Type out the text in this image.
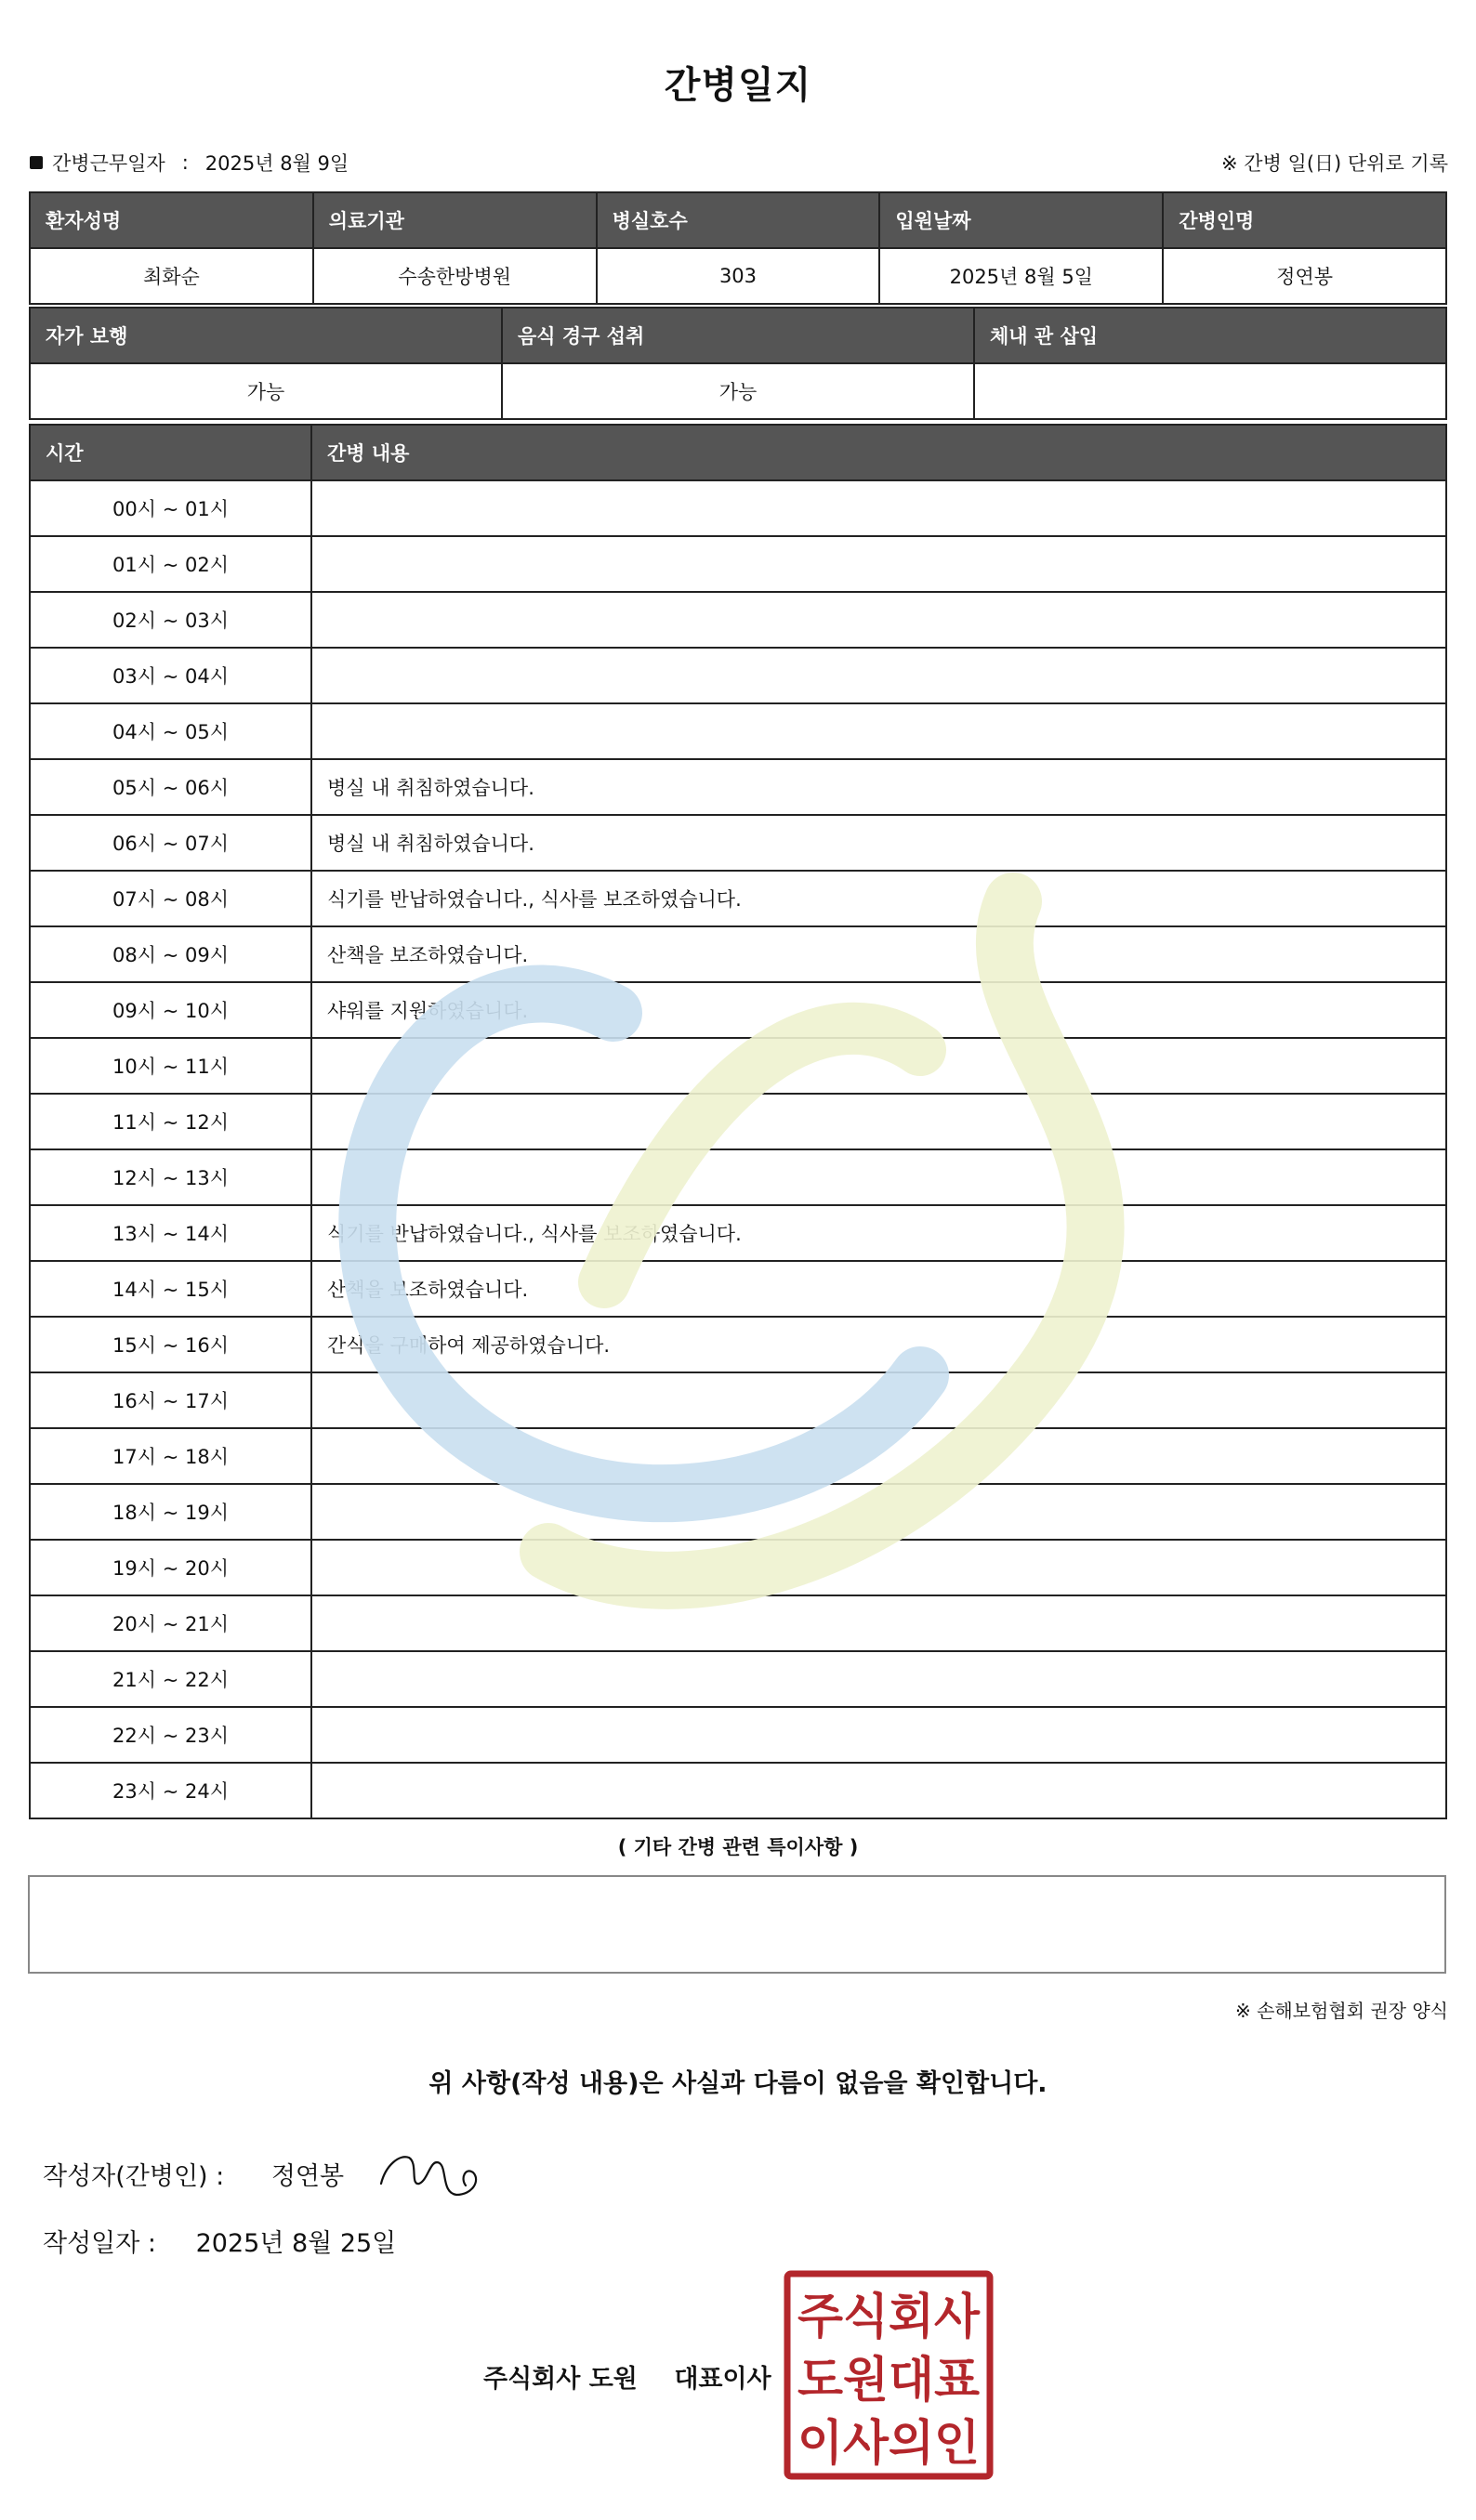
간병일지
간병근무일자 : 2025년 8월 9일	※ 간병 일(日) 단위로 기록
환자성명	의료기관	병실호수	입원날짜	간병인명
최화순	수송한방병원	303	2025년 8월 5일	정연봉
자가 보행	음식 경구 섭취	체내 관 삽입
가능	가능	
시간	간병 내용
00시 ~ 01시	
01시 ~ 02시	
02시 ~ 03시	
03시 ~ 04시	
04시 ~ 05시	
05시 ~ 06시	병실 내 취침하였습니다.
06시 ~ 07시	병실 내 취침하였습니다.
07시 ~ 08시	식기를 반납하였습니다., 식사를 보조하였습니다.
08시 ~ 09시	산책을 보조하였습니다.
09시 ~ 10시	샤워를 지원하였습니다.
10시 ~ 11시	
11시 ~ 12시	
12시 ~ 13시	
13시 ~ 14시	식기를 반납하였습니다., 식사를 보조하였습니다.
14시 ~ 15시	산책을 보조하였습니다.
15시 ~ 16시	간식을 구매하여 제공하였습니다.
16시 ~ 17시	
17시 ~ 18시	
18시 ~ 19시	
19시 ~ 20시	
20시 ~ 21시	
21시 ~ 22시	
22시 ~ 23시	
23시 ~ 24시	
( 기타 간병 관련 특이사항 )
※ 손해보험협회 권장 양식
위 사항(작성 내용)은 사실과 다름이 없음을 확인합니다.
작성자(간병인) : 정연봉
작성일자 : 2025년 8월 25일
주식회사 도원 대표이사
주식회사
도원대표
이사의인
